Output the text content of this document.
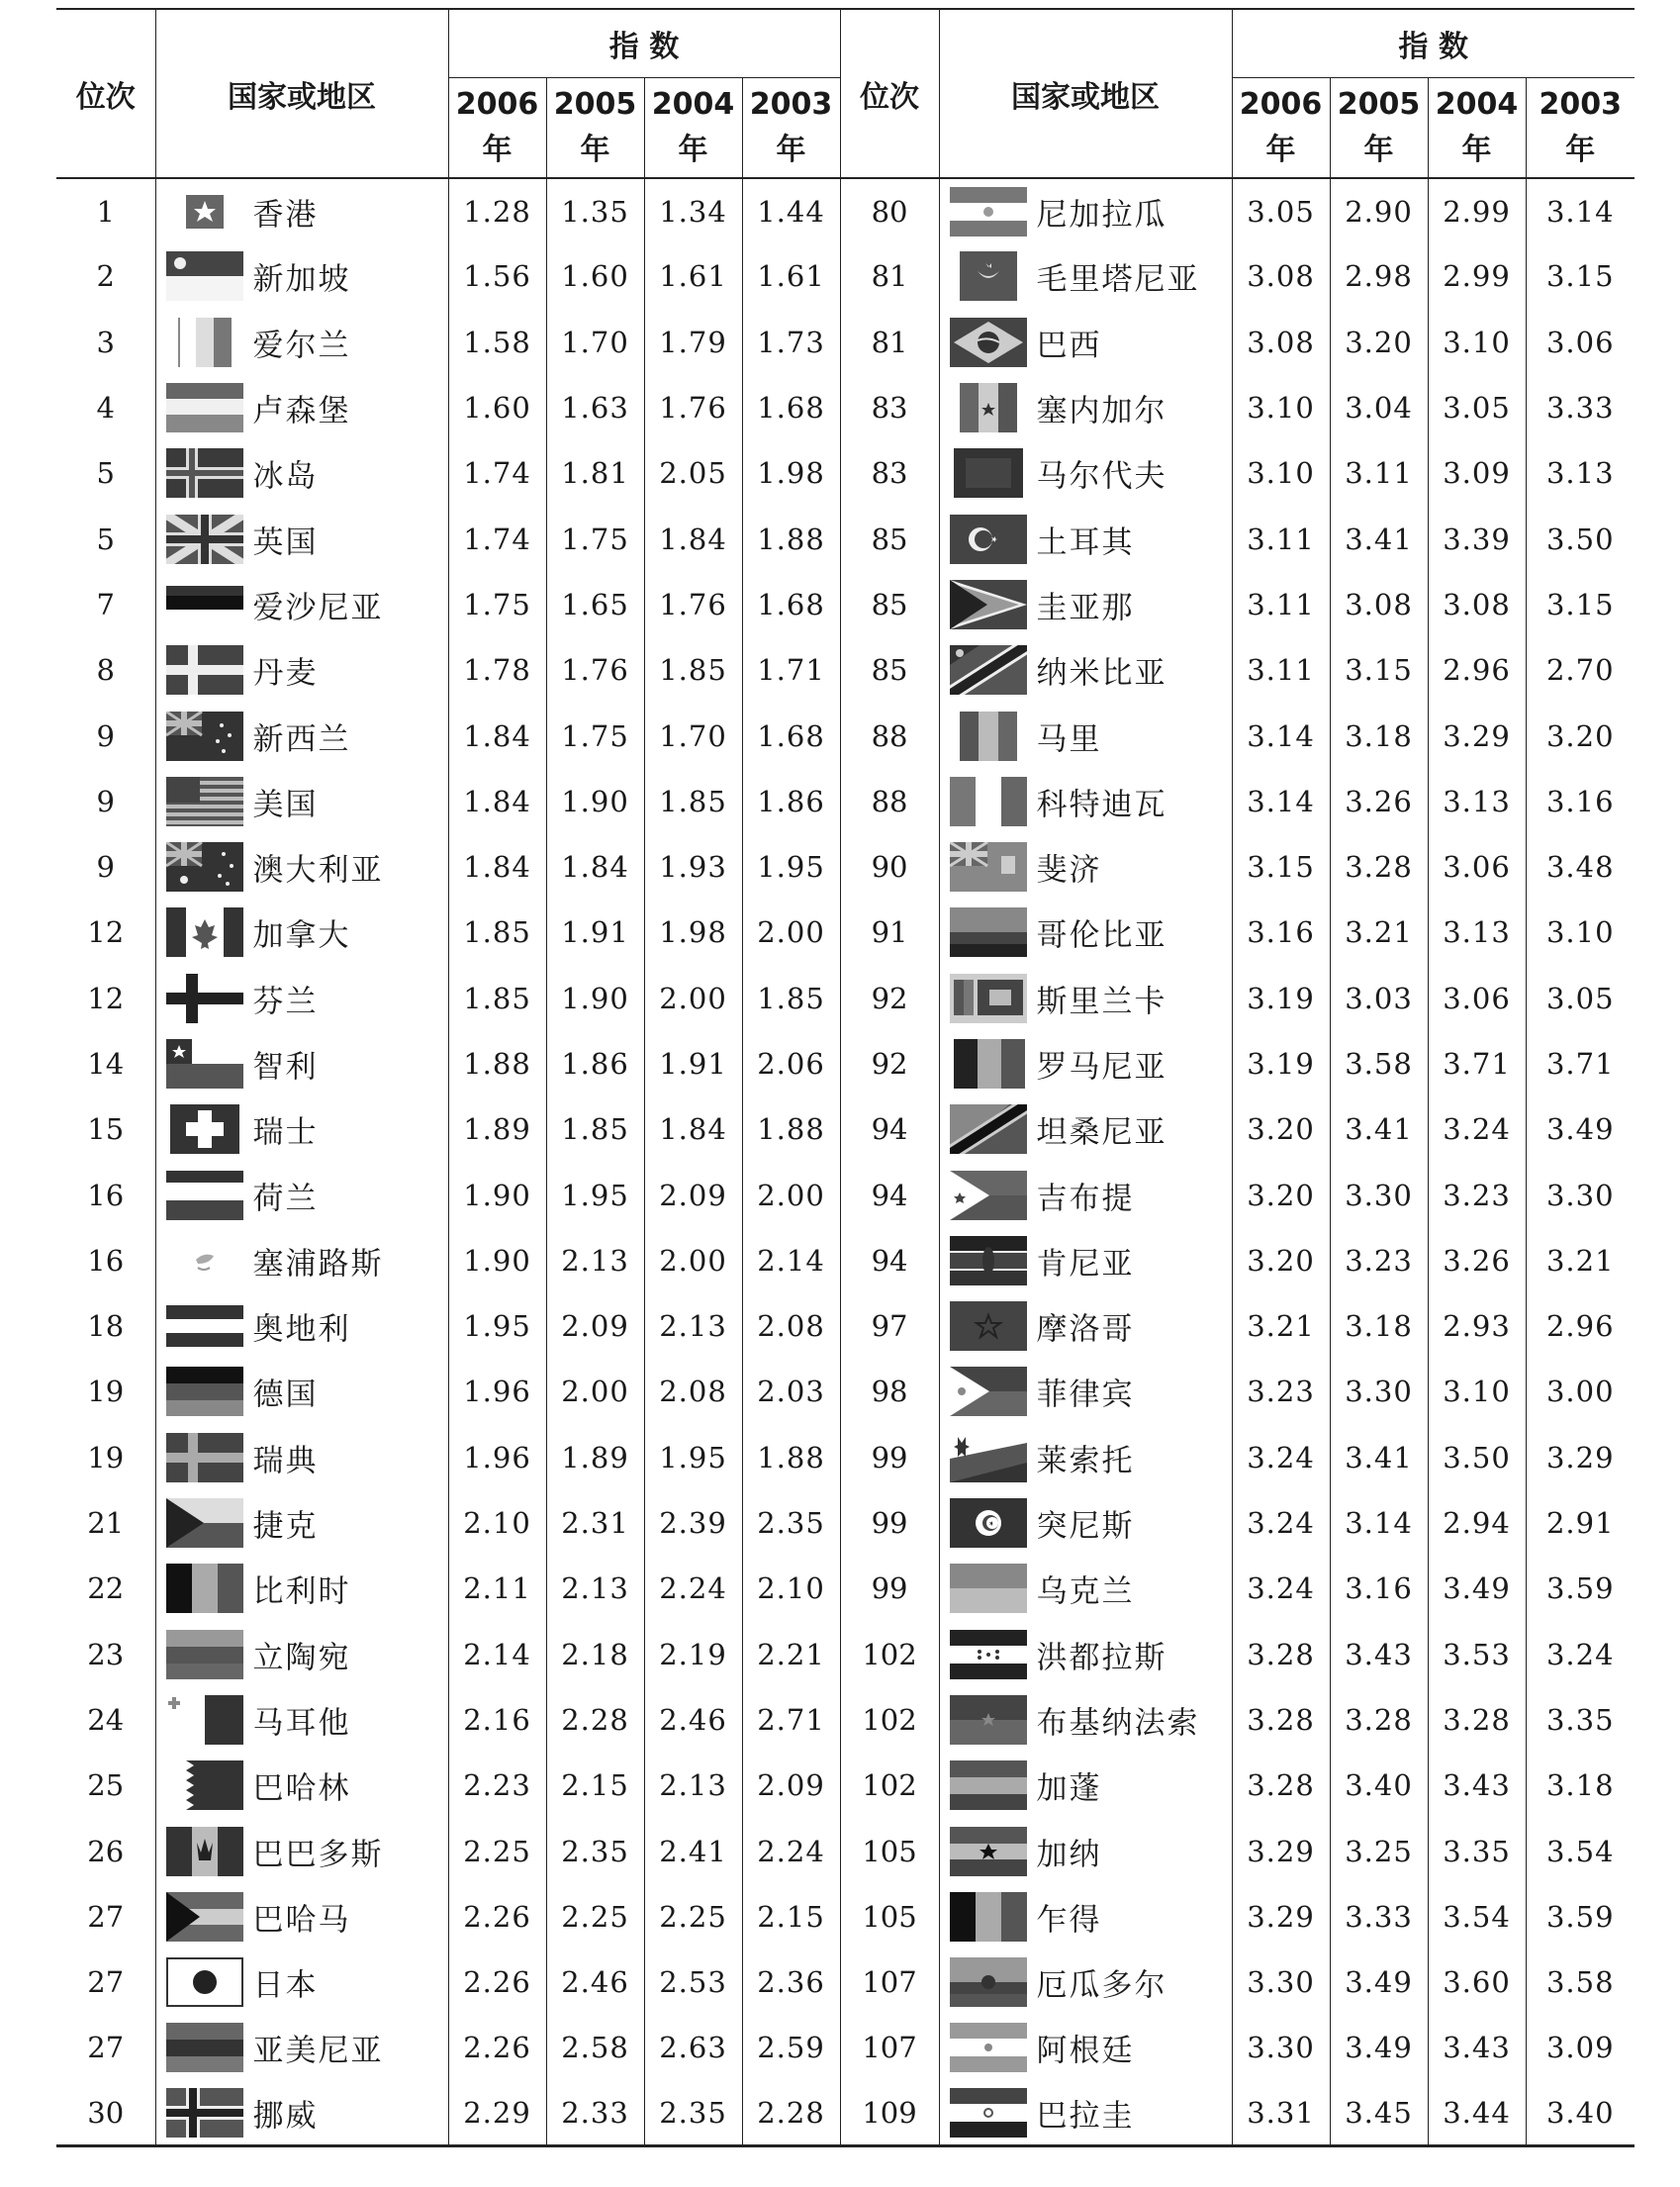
位次	国家或地区	指 数				位次	国家或地区	指 数			
		2006年	2005年	2004年	2003年			2006年	2005年	2004年	2003年
1	香港	1.28	1.35	1.34	1.44	80	尼加拉瓜	3.05	2.90	2.99	3.14
2	新加坡	1.56	1.60	1.61	1.61	81	毛里塔尼亚	3.08	2.98	2.99	3.15
3	爱尔兰	1.58	1.70	1.79	1.73	81	巴西	3.08	3.20	3.10	3.06
4	卢森堡	1.60	1.63	1.76	1.68	83	塞内加尔	3.10	3.04	3.05	3.33
5	冰岛	1.74	1.81	2.05	1.98	83	马尔代夫	3.10	3.11	3.09	3.13
5	英国	1.74	1.75	1.84	1.88	85	土耳其	3.11	3.41	3.39	3.50
7	爱沙尼亚	1.75	1.65	1.76	1.68	85	圭亚那	3.11	3.08	3.08	3.15
8	丹麦	1.78	1.76	1.85	1.71	85	纳米比亚	3.11	3.15	2.96	2.70
9	新西兰	1.84	1.75	1.70	1.68	88	马里	3.14	3.18	3.29	3.20
9	美国	1.84	1.90	1.85	1.86	88	科特迪瓦	3.14	3.26	3.13	3.16
9	澳大利亚	1.84	1.84	1.93	1.95	90	斐济	3.15	3.28	3.06	3.48
12	加拿大	1.85	1.91	1.98	2.00	91	哥伦比亚	3.16	3.21	3.13	3.10
12	芬兰	1.85	1.90	2.00	1.85	92	斯里兰卡	3.19	3.03	3.06	3.05
14	智利	1.88	1.86	1.91	2.06	92	罗马尼亚	3.19	3.58	3.71	3.71
15	瑞士	1.89	1.85	1.84	1.88	94	坦桑尼亚	3.20	3.41	3.24	3.49
16	荷兰	1.90	1.95	2.09	2.00	94	吉布提	3.20	3.30	3.23	3.30
16	塞浦路斯	1.90	2.13	2.00	2.14	94	肯尼亚	3.20	3.23	3.26	3.21
18	奥地利	1.95	2.09	2.13	2.08	97	摩洛哥	3.21	3.18	2.93	2.96
19	德国	1.96	2.00	2.08	2.03	98	菲律宾	3.23	3.30	3.10	3.00
19	瑞典	1.96	1.89	1.95	1.88	99	莱索托	3.24	3.41	3.50	3.29
21	捷克	2.10	2.31	2.39	2.35	99	突尼斯	3.24	3.14	2.94	2.91
22	比利时	2.11	2.13	2.24	2.10	99	乌克兰	3.24	3.16	3.49	3.59
23	立陶宛	2.14	2.18	2.19	2.21	102	洪都拉斯	3.28	3.43	3.53	3.24
24	马耳他	2.16	2.28	2.46	2.71	102	布基纳法索	3.28	3.28	3.28	3.35
25	巴哈林	2.23	2.15	2.13	2.09	102	加蓬	3.28	3.40	3.43	3.18
26	巴巴多斯	2.25	2.35	2.41	2.24	105	加纳	3.29	3.25	3.35	3.54
27	巴哈马	2.26	2.25	2.25	2.15	105	乍得	3.29	3.33	3.54	3.59
27	日本	2.26	2.46	2.53	2.36	107	厄瓜多尔	3.30	3.49	3.60	3.58
27	亚美尼亚	2.26	2.58	2.63	2.59	107	阿根廷	3.30	3.49	3.43	3.09
30	挪威	2.29	2.33	2.35	2.28	109	巴拉圭	3.31	3.45	3.44	3.40
